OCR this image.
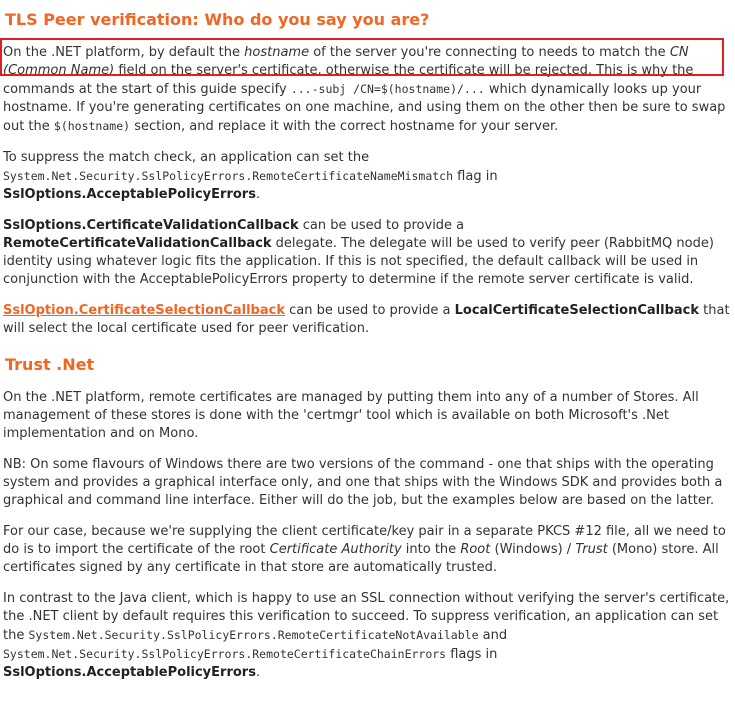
TLS Peer verification: Who do you say you are?

On the .NET platform, by default the hostname of the server you're connecting to needs to match the CN (Common Name) field on the server's certificate, otherwise the certificate will be rejected. This is why the commands at the start of this guide specify ...-subj /CN=$(hostname)/... which dynamically looks up your hostname. If you're generating certificates on one machine, and using them on the other then be sure to swap out the $(hostname) section, and replace it with the correct hostname for your server.

To suppress the match check, an application can set the System.Net.Security.SslPolicyErrors.RemoteCertificateNameMismatch flag in SslOptions.AcceptablePolicyErrors.

SslOptions.CertificateValidationCallback can be used to provide a RemoteCertificateValidationCallback delegate. The delegate will be used to verify peer (RabbitMQ node) identity using whatever logic fits the application. If this is not specified, the default callback will be used in conjunction with the AcceptablePolicyErrors property to determine if the remote server certificate is valid.

SslOption.CertificateSelectionCallback can be used to provide a LocalCertificateSelectionCallback that will select the local certificate used for peer verification.

Trust .Net

On the .NET platform, remote certificates are managed by putting them into any of a number of Stores. All management of these stores is done with the 'certmgr' tool which is available on both Microsoft's .Net implementation and on Mono.

NB: On some flavours of Windows there are two versions of the command - one that ships with the operating system and provides a graphical interface only, and one that ships with the Windows SDK and provides both a graphical and command line interface. Either will do the job, but the examples below are based on the latter.

For our case, because we're supplying the client certificate/key pair in a separate PKCS #12 file, all we need to do is to import the certificate of the root Certificate Authority into the Root (Windows) / Trust (Mono) store. All certificates signed by any certificate in that store are automatically trusted.

In contrast to the Java client, which is happy to use an SSL connection without verifying the server's certificate, the .NET client by default requires this verification to succeed. To suppress verification, an application can set the System.Net.Security.SslPolicyErrors.RemoteCertificateNotAvailable and System.Net.Security.SslPolicyErrors.RemoteCertificateChainErrors flags in SslOptions.AcceptablePolicyErrors.
